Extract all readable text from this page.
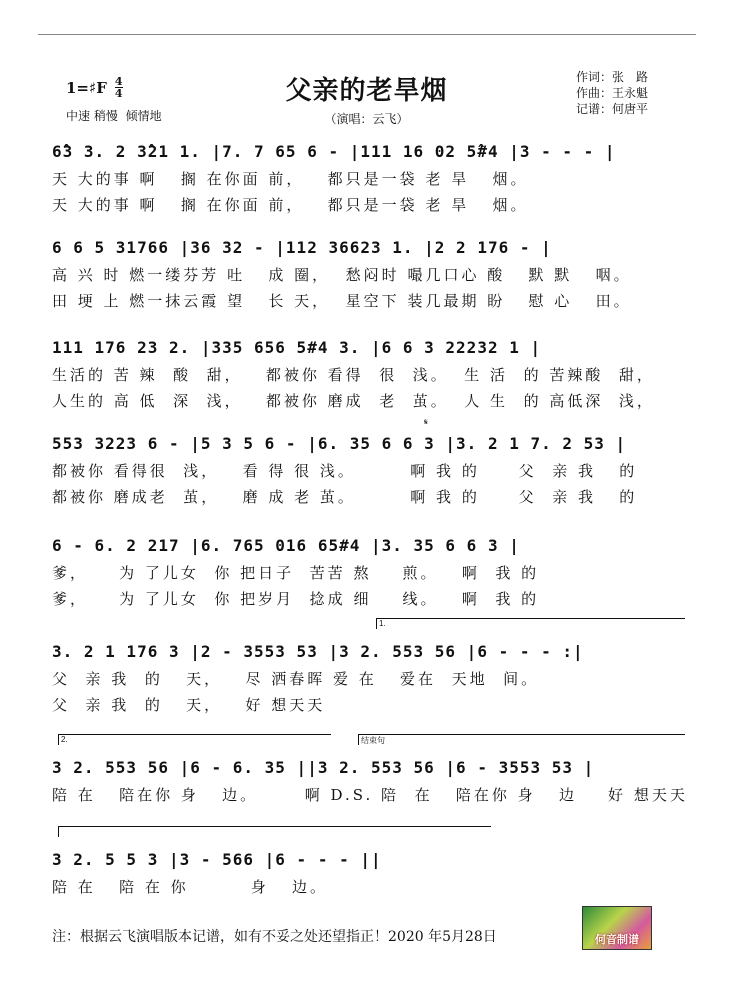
1=♯F $\frac{4}{4}$
中速 稍慢 倾情地
父亲的老旱烟
（演唱：云飞）
作词：张　路
作曲：王永魁
记谱：何唐平
6̂3 3. 2 3̂21 1. |7. 7 65 6 - |111 16 02 5̂#4 |3 - - - |
天 大的事 啊   搁 在你面 前，   都只是一袋 老 旱   烟。
天 大的事 啊   搁 在你面 前，   都只是一袋 老 旱   烟。
6 6 5 31766 |36 32 - |112 36623 1. |2 2 176 - |
高 兴 时 燃一缕芬芳 吐   成 圈，  愁闷时 嘬几口心 酸   默 默   咽。
田 埂 上 燃一抹云霞 望   长 天，  星空下 装几最期 盼   慰 心   田。
111 176 23 2. |335 656 5#4 3. |6 6 3 22232 1 |
生活的 苦 辣  酸  甜，   都被你 看得  很  浅。  生 活  的 苦辣酸  甜，
人生的 高 低  深  浅，   都被你 磨成  老  茧。  人 生  的 高低深  浅，
𝄋
553 3223 6 - |5 3 5 6 - |6. 35 6 6 3 |3. 2 1 7. 2 53 |
都被你 看得很  浅，   看 得 很 浅。       啊 我 的     父  亲 我   的
都被你 磨成老  茧，   磨 成 老 茧。       啊 我 的     父  亲 我   的
6 - 6. 2 217 |6. 765 016 65#4 |3. 35 6 6 3 |
爹，    为 了儿女  你 把日子  苦苦 熬    煎。   啊  我 的
爹，    为 了儿女  你 把岁月  捻成 细    线。   啊  我 的
1.
3. 2 1 176 3 |2 - 3553 53 |3 2. 553 56 |6 - - - :|
父  亲 我  的   天，   尽 洒春晖 爱 在   爱在  天地  间。
父  亲 我  的   天，   好 想天天
2.	结束句
3 2. 553 56 |6 - 6. 35 ||3 2. 553 56 |6 - 3553 53 |
陪 在   陪在你 身   边。      啊 D.S. 陪  在   陪在你 身   边    好 想天天
3 2. 5 5 3 |3 - 566 |6 - - - ||
陪 在   陪 在 你        身   边。
注：根据云飞演唱版本记谱，如有不妥之处还望指正！2020 年5月28日	何音制谱
